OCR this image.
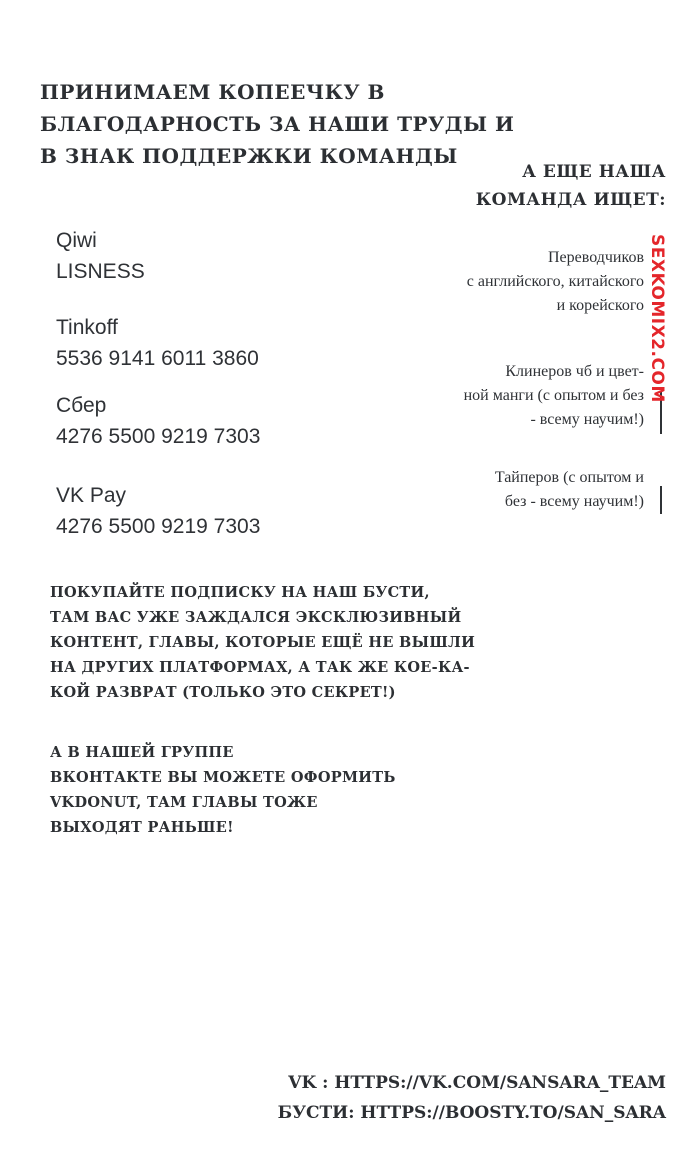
ПРИНИМАЕМ КОПЕЕЧКУ В
БЛАГОДАРНОСТЬ ЗА НАШИ ТРУДЫ И
В ЗНАК ПОДДЕРЖКИ КОМАНДЫ
А ЕЩЕ НАША
КОМАНДА ИЩЕТ:
Qiwi
LISNESS
Tinkoff
5536 9141 6011 3860
Сбер
4276 5500 9219 7303
VK Pay
4276 5500 9219 7303
Переводчиков
с английского, китайского
и корейского
Клинеров чб и цвет-
ной манги (с опытом и без
- всему научим!)
Тайперов (с опытом и
без - всему научим!)
SEXKOMIX2.COM
ПОКУПАЙТЕ ПОДПИСКУ НА НАШ БУСТИ,
ТАМ ВАС УЖЕ ЗАЖДАЛСЯ ЭКСКЛЮЗИВНЫЙ
КОНТЕНТ, ГЛАВЫ, КОТОРЫЕ ЕЩЁ НЕ ВЫШЛИ
НА ДРУГИХ ПЛАТФОРМАХ, А ТАК ЖЕ КОЕ-КА-
КОЙ РАЗВРАТ (ТОЛЬКО ЭТО СЕКРЕТ!)
А В НАШЕЙ ГРУППЕ
ВКОНТАКТЕ ВЫ МОЖЕТЕ ОФОРМИТЬ
VKDONUT, ТАМ ГЛАВЫ ТОЖЕ
ВЫХОДЯТ РАНЬШЕ!
VK : HTTPS://VK.COM/SANSARA_TEAM
БУСТИ: HTTPS://BOOSTY.TO/SAN_SARA
